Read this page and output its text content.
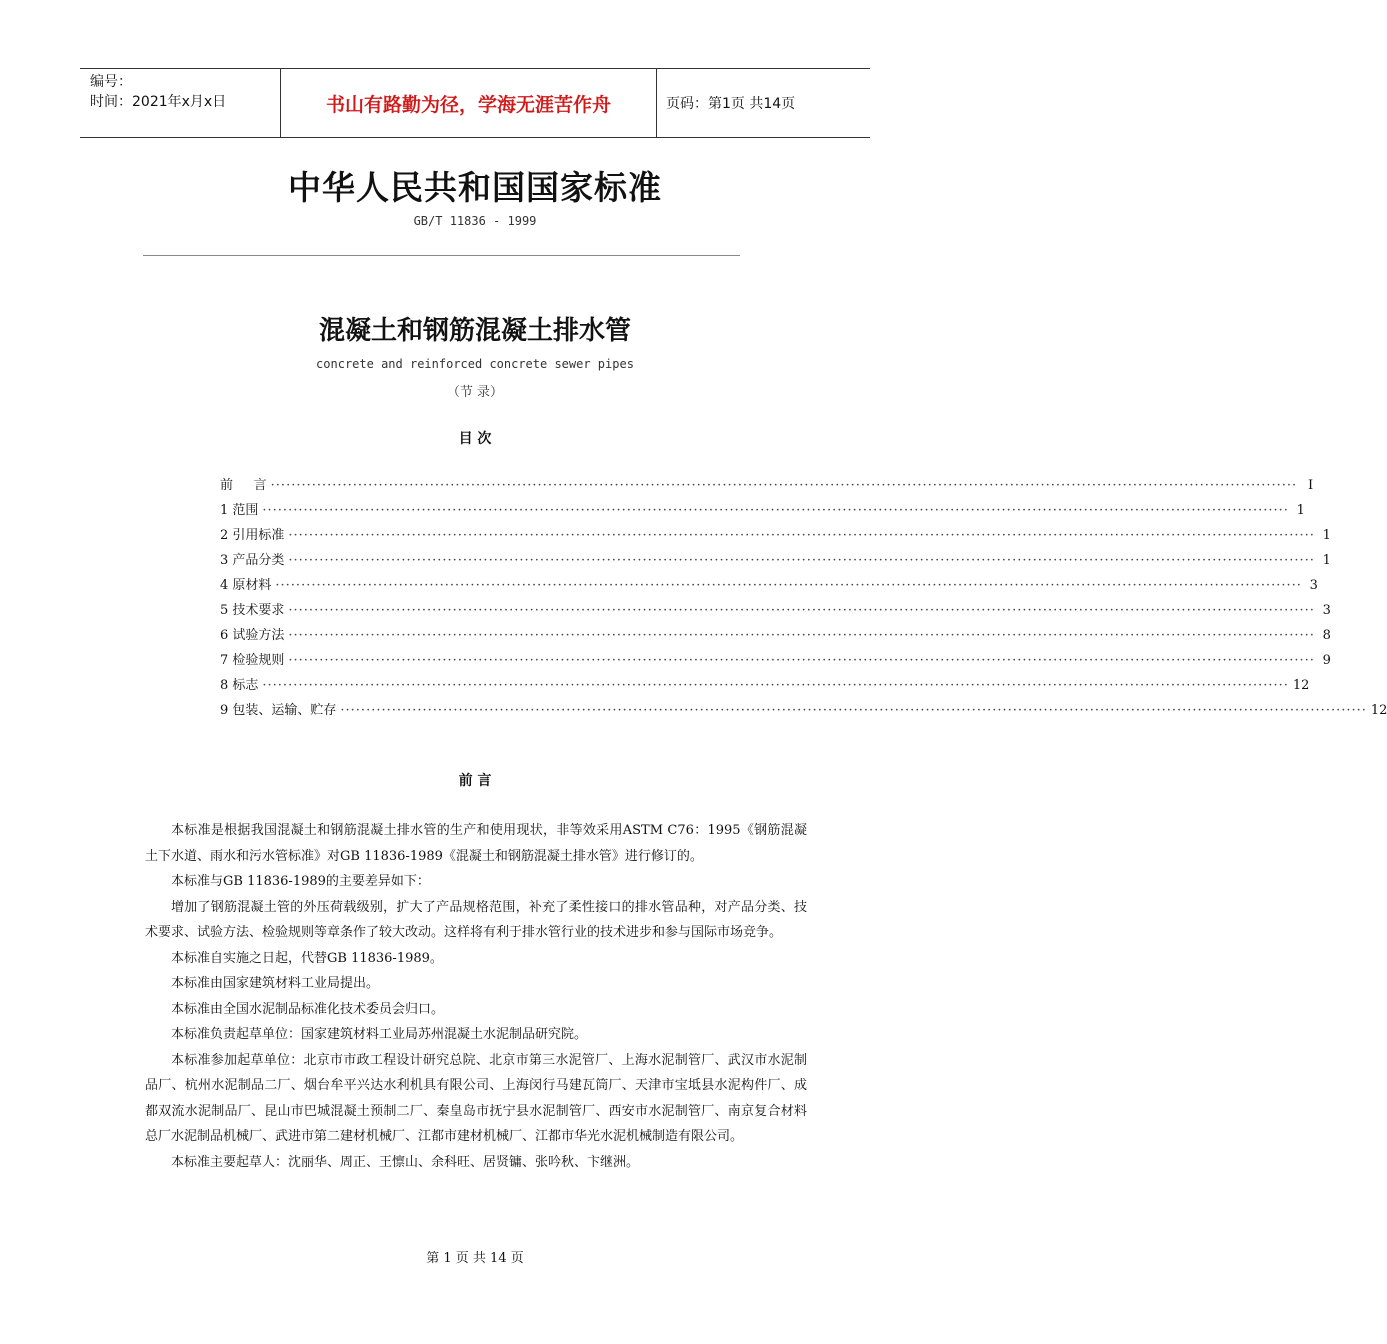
编号：
时间：2021年x月x日	书山有路勤为径，学海无涯苦作舟	页码：第1页 共14页
中华人民共和国国家标准
GB/T 11836 - 1999
混凝土和钢筋混凝土排水管
concrete and reinforced concrete sewer pipes
（节 录）
目 次
前     言 ········································································································································································································ I
1 范围 ········································································································································································································ 1
2 引用标准 ········································································································································································································ 1
3 产品分类 ········································································································································································································ 1
4 原材料 ········································································································································································································ 3
5 技术要求 ········································································································································································································ 3
6 试验方法 ········································································································································································································ 8
7 检验规则 ········································································································································································································ 9
8 标志 ········································································································································································································ 12
9 包装、运输、贮存 ········································································································································································································ 12
前 言

本标准是根据我国混凝土和钢筋混凝土排水管的生产和使用现状，非等效采用ASTM C76：1995《钢筋混凝土下水道、雨水和污水管标准》对GB 11836-1989《混凝土和钢筋混凝土排水管》进行修订的。

本标准与GB 11836-1989的主要差异如下：

增加了钢筋混凝土管的外压荷载级别，扩大了产品规格范围，补充了柔性接口的排水管品种，对产品分类、技术要求、试验方法、检验规则等章条作了较大改动。这样将有利于排水管行业的技术进步和参与国际市场竞争。

本标准自实施之日起，代替GB 11836-1989。

本标准由国家建筑材料工业局提出。

本标准由全国水泥制品标准化技术委员会归口。

本标准负责起草单位：国家建筑材料工业局苏州混凝土水泥制品研究院。

本标准参加起草单位：北京市市政工程设计研究总院、北京市第三水泥管厂、上海水泥制管厂、武汉市水泥制品厂、杭州水泥制品二厂、烟台牟平兴达水利机具有限公司、上海闵行马建瓦筒厂、天津市宝坻县水泥构件厂、成都双流水泥制品厂、昆山市巴城混凝土预制二厂、秦皇岛市抚宁县水泥制管厂、西安市水泥制管厂、南京复合材料总厂水泥制品机械厂、武进市第二建材机械厂、江都市建材机械厂、江都市华光水泥机械制造有限公司。

本标准主要起草人：沈丽华、周正、王懔山、余科旺、居贤镛、张吟秋、卞继洲。

第 1 页 共 14 页
